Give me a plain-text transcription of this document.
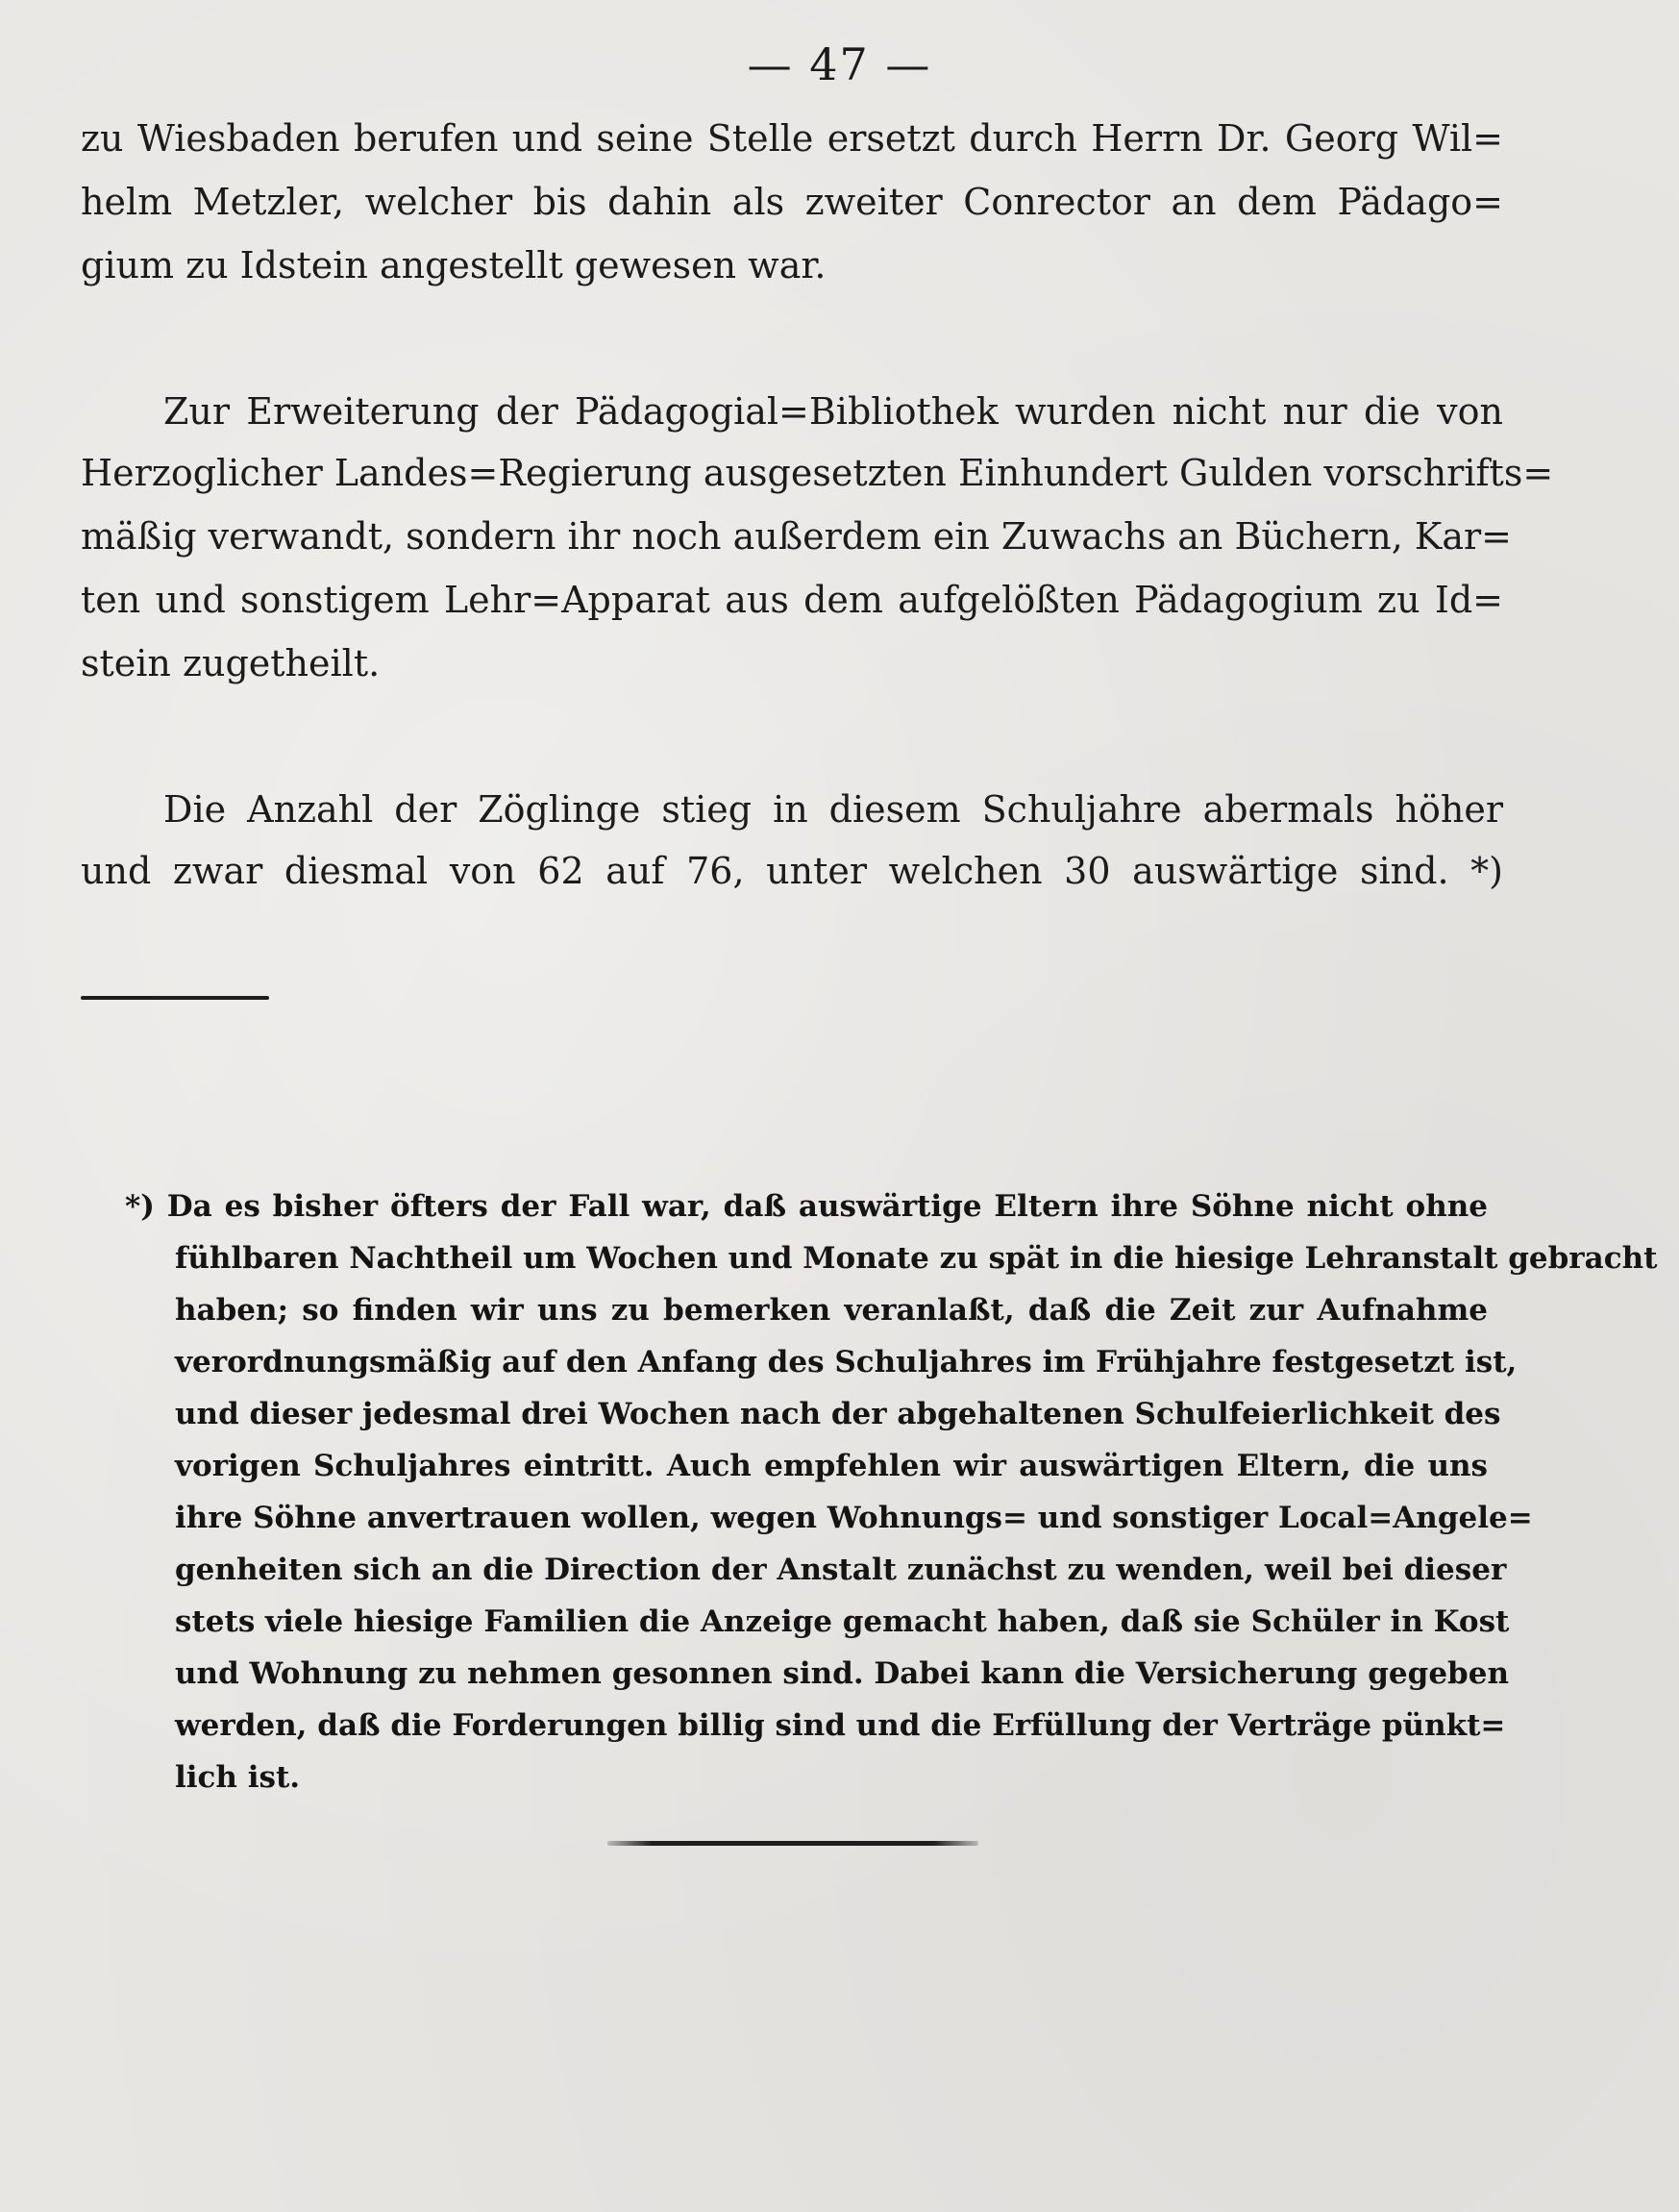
— 47 —
zu Wiesbaden berufen und seine Stelle ersetzt durch Herrn Dr. Georg Wil=
helm Metzler, welcher bis dahin als zweiter Conrector an dem Pädago=
gium zu Idstein angestellt gewesen war.
Zur Erweiterung der Pädagogial=Bibliothek wurden nicht nur die von
Herzoglicher Landes=Regierung ausgesetzten Einhundert Gulden vorschrifts=
mäßig verwandt, sondern ihr noch außerdem ein Zuwachs an Büchern, Kar=
ten und sonstigem Lehr=Apparat aus dem aufgelößten Pädagogium zu Id=
stein zugetheilt.
Die Anzahl der Zöglinge stieg in diesem Schuljahre abermals höher
und zwar diesmal von 62 auf 76, unter welchen 30 auswärtige sind. *)
*) Da es bisher öfters der Fall war, daß auswärtige Eltern ihre Söhne nicht ohne
fühlbaren Nachtheil um Wochen und Monate zu spät in die hiesige Lehranstalt gebracht
haben; so finden wir uns zu bemerken veranlaßt, daß die Zeit zur Aufnahme
verordnungsmäßig auf den Anfang des Schuljahres im Frühjahre festgesetzt ist,
und dieser jedesmal drei Wochen nach der abgehaltenen Schulfeierlichkeit des
vorigen Schuljahres eintritt. Auch empfehlen wir auswärtigen Eltern, die uns
ihre Söhne anvertrauen wollen, wegen Wohnungs= und sonstiger Local=Angele=
genheiten sich an die Direction der Anstalt zunächst zu wenden, weil bei dieser
stets viele hiesige Familien die Anzeige gemacht haben, daß sie Schüler in Kost
und Wohnung zu nehmen gesonnen sind. Dabei kann die Versicherung gegeben
werden, daß die Forderungen billig sind und die Erfüllung der Verträge pünkt=
lich ist.
